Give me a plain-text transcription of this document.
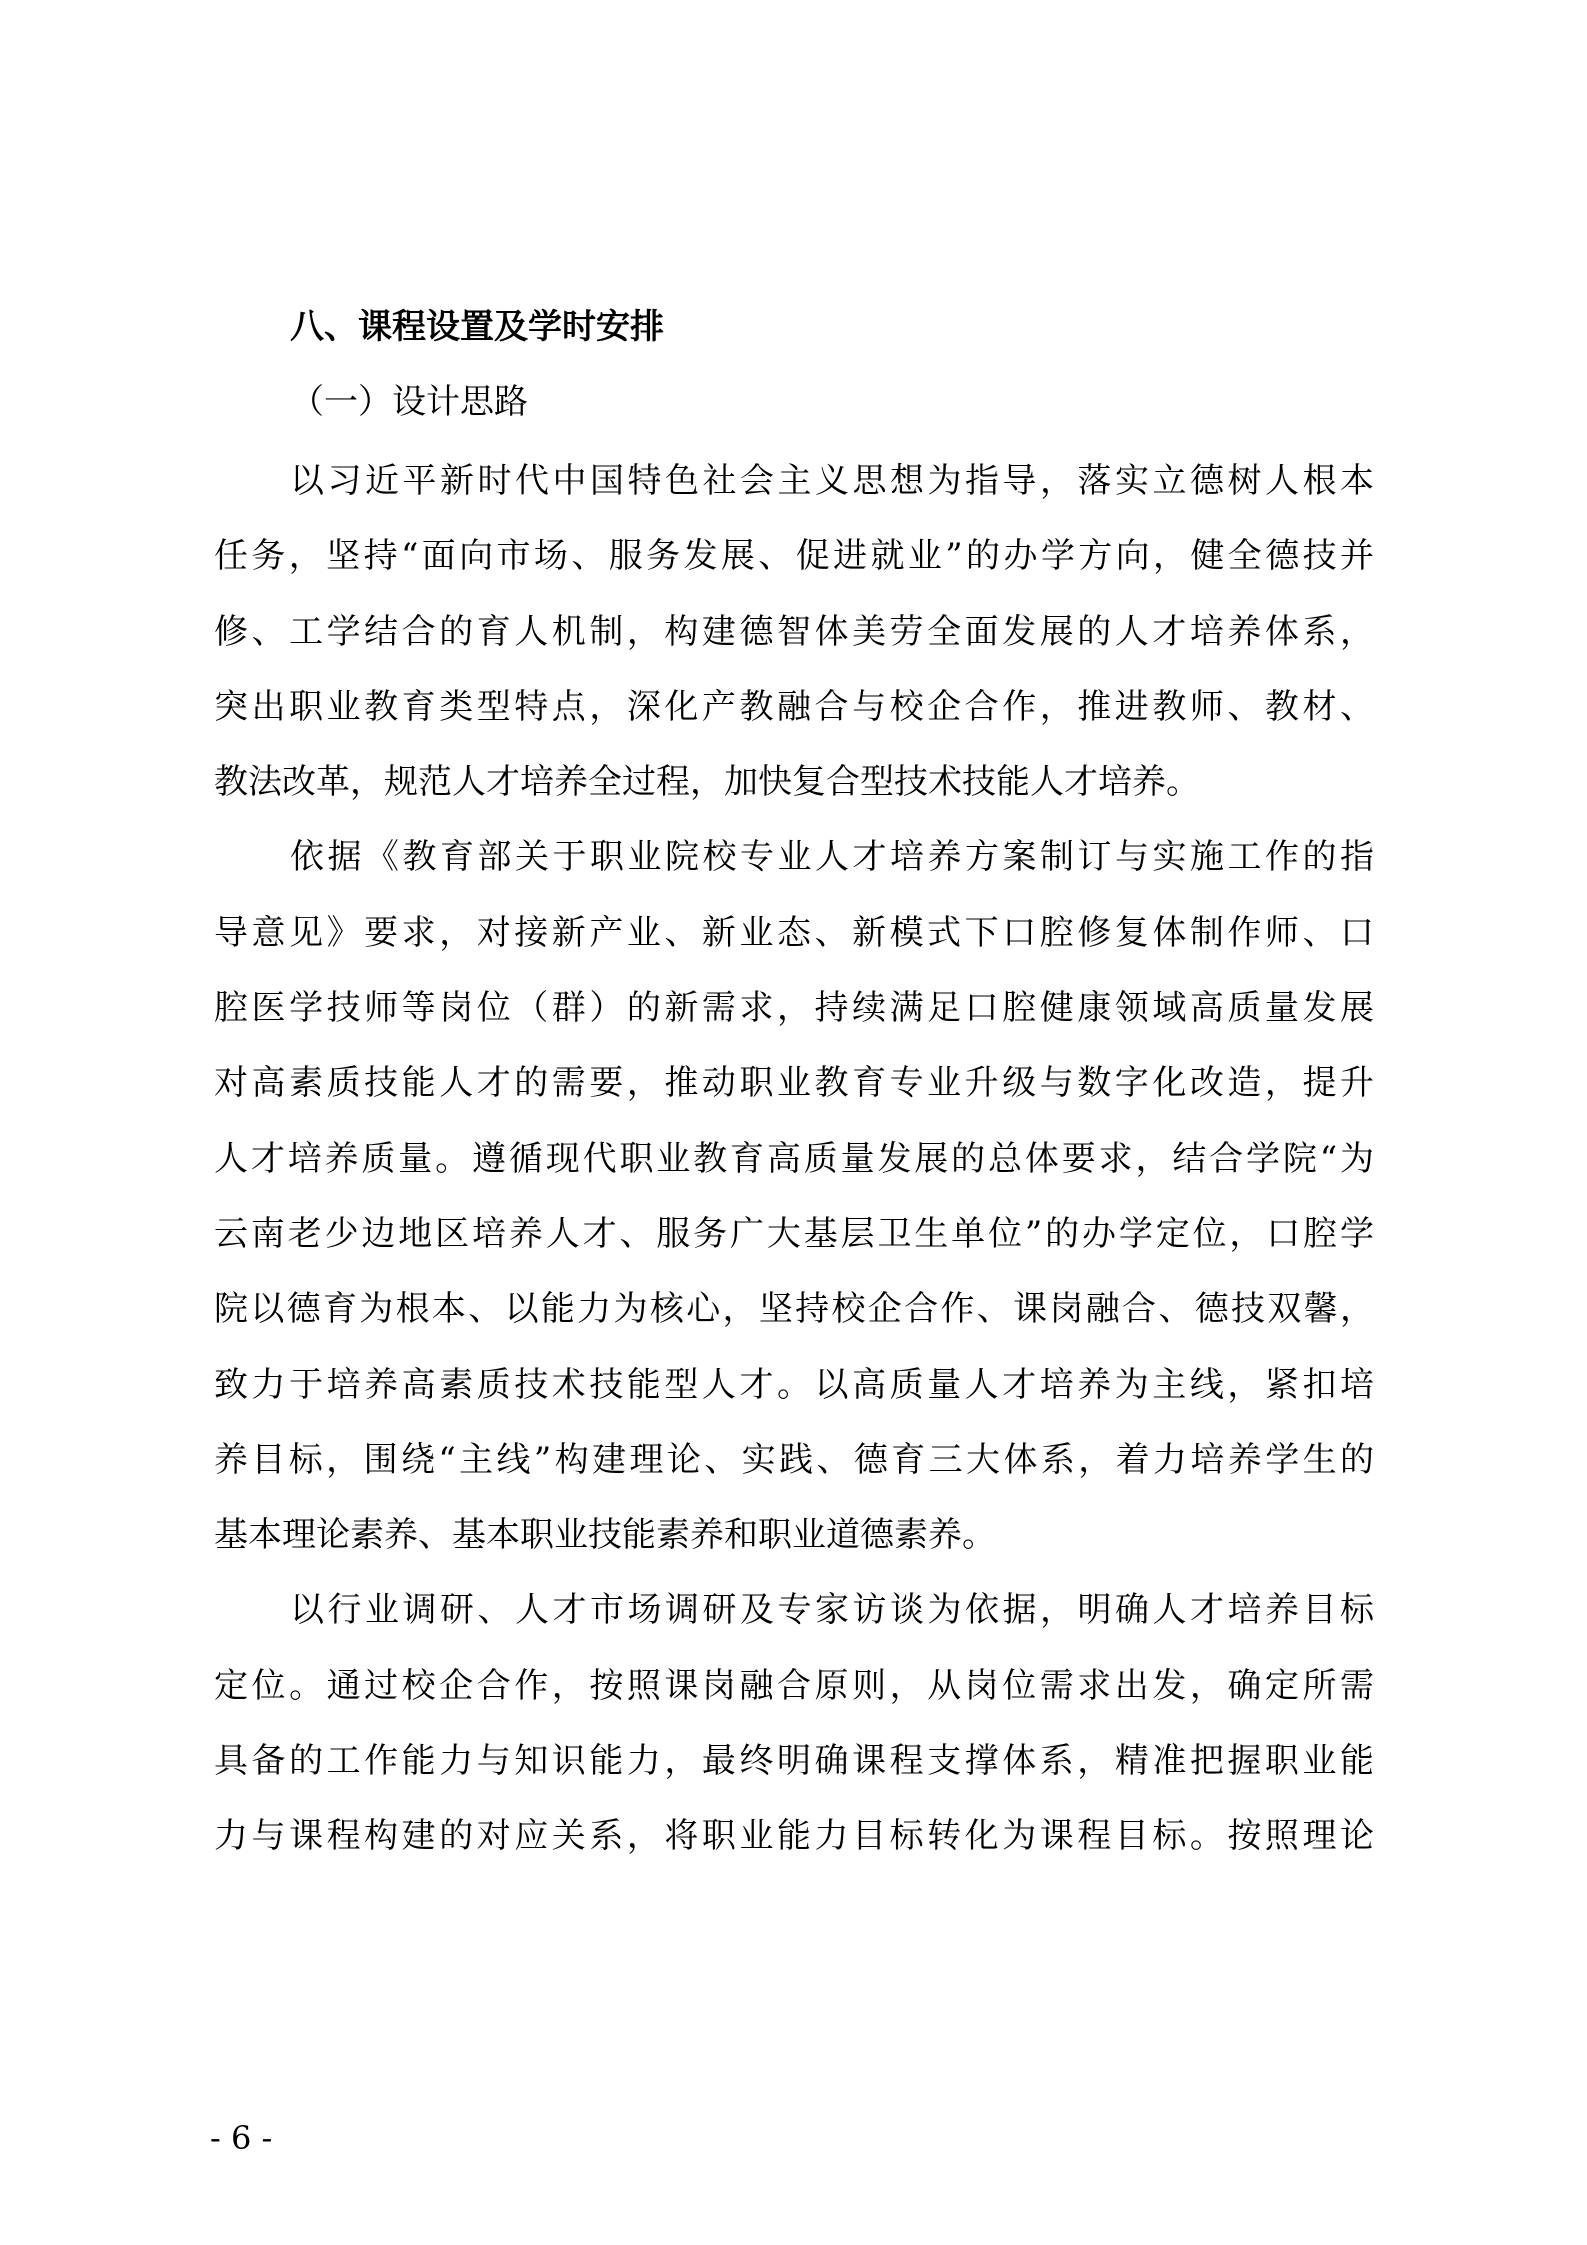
八、课程设置及学时安排
（一）设计思路

以习近平新时代中国特色社会主义思想为指导，落实立德树人根本
任务，坚持“面向市场、服务发展、促进就业”的办学方向，健全德技并
修、工学结合的育人机制，构建德智体美劳全面发展的人才培养体系，
突出职业教育类型特点，深化产教融合与校企合作，推进教师、教材、
教法改革，规范人才培养全过程，加快复合型技术技能人才培养。

依据《教育部关于职业院校专业人才培养方案制订与实施工作的指
导意见》要求，对接新产业、新业态、新模式下口腔修复体制作师、口
腔医学技师等岗位（群）的新需求，持续满足口腔健康领域高质量发展
对高素质技能人才的需要，推动职业教育专业升级与数字化改造，提升
人才培养质量。遵循现代职业教育高质量发展的总体要求，结合学院“为
云南老少边地区培养人才、服务广大基层卫生单位”的办学定位，口腔学
院以德育为根本、以能力为核心，坚持校企合作、课岗融合、德技双馨，
致力于培养高素质技术技能型人才。以高质量人才培养为主线，紧扣培
养目标，围绕“主线”构建理论、实践、德育三大体系，着力培养学生的
基本理论素养、基本职业技能素养和职业道德素养。

以行业调研、人才市场调研及专家访谈为依据，明确人才培养目标
定位。通过校企合作，按照课岗融合原则，从岗位需求出发，确定所需
具备的工作能力与知识能力，最终明确课程支撑体系，精准把握职业能
力与课程构建的对应关系，将职业能力目标转化为课程目标。按照理论

- 6 -
